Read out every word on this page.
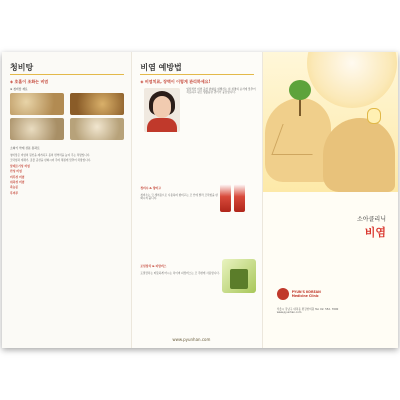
청비탕
◈ 호흡이 조화는 비염
※ 청비탕 재료
소화기 약재 성분 통과로

청비탕은 비염의 원인을 제거하고 몸의 면역력을 높여 주는 처방입니다.

코막힘과 재채기, 콧물 증상을 완화시켜 주며 체질에 맞추어 처방합니다.

알레르기성 비염

만성 비염

비후성 비염

위축성 비염

축농증

후비루

비염 예방법
◈ 비염치료, 장벽이 이렇게 관리하세요!
일상적인 비염 증상 완화를 위해서는 위 설명의 순서에 맞추어 치료하고 평소 생활습관 관리가 중요합니다.
청비수 & 향비고
청비수는 코 세척용으로 사용하며 향비고는 코 안에 발라 코막힘을 완화시켜 줍니다.
포밀랑차 & 파랑버스
포밀랑차는 따뜻하게 마시는 차이며 파랑버스는 코 주변에 사용합니다.
www.pyunhan.com
소아클리닉
비염
PYUN'S KOREAN
Medicine Clinic
서울시 강남구 대치동 편강한의원 Tel. 02. 552. 7000
www.pyunhan.com
